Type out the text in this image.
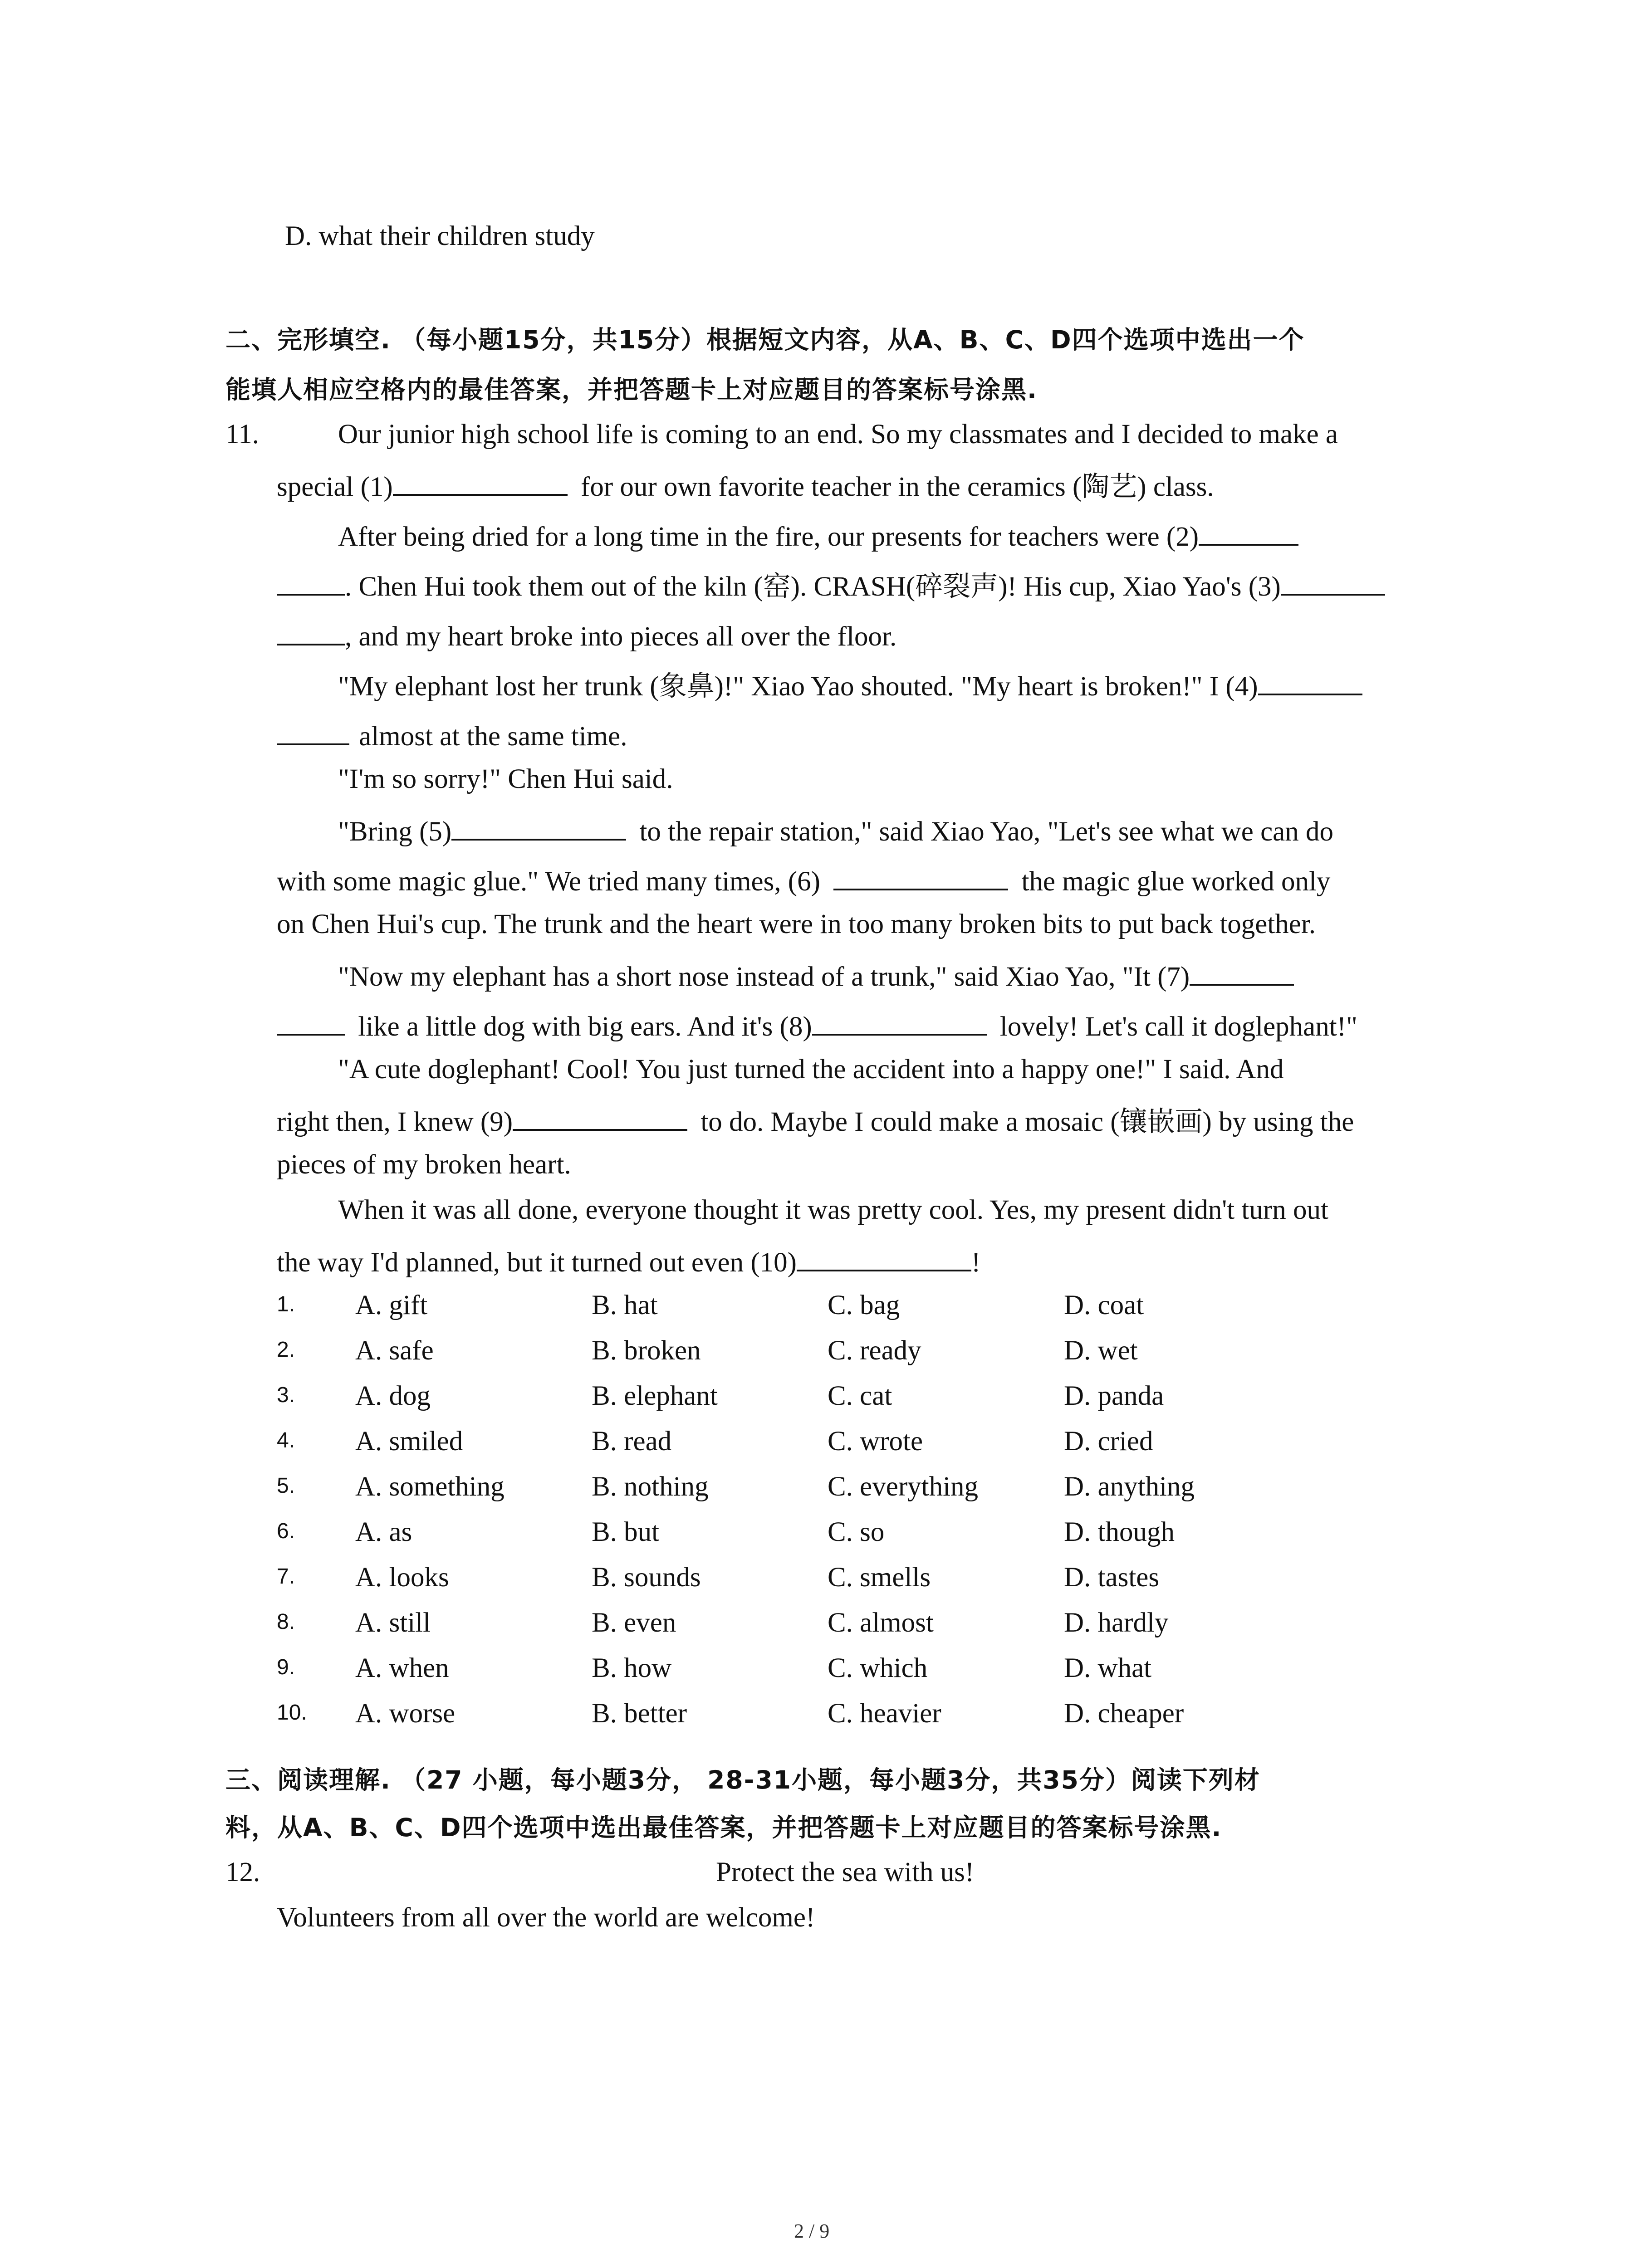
D. what their children study
二、完形填空. （每小题15分，共15分）根据短文内容，从A、B、C、D四个选项中选出一个
能填人相应空格内的最佳答案，并把答题卡上对应题目的答案标号涂黑.
11.	Our junior high school life is coming to an end. So my classmates and I decided to make a
special (1)	for our own favorite teacher in the ceramics (陶艺) class.
After being dried for a long time in the fire, our presents for teachers were (2)
. Chen Hui took them out of the kiln (窑). CRASH(碎裂声)! His cup, Xiao Yao's (3)
, and my heart broke into pieces all over the floor.
"My elephant lost her trunk (象鼻)!" Xiao Yao shouted. "My heart is broken!" I (4)
almost at the same time.
"I'm so sorry!" Chen Hui said.
"Bring (5)	to the repair station," said Xiao Yao, "Let's see what we can do
with some magic glue." We tried many times, (6)	the magic glue worked only
on Chen Hui's cup. The trunk and the heart were in too many broken bits to put back together.
"Now my elephant has a short nose instead of a trunk," said Xiao Yao, "It (7)
like a little dog with big ears. And it's (8)	lovely! Let's call it doglephant!"
"A cute doglephant! Cool! You just turned the accident into a happy one!" I said. And
right then, I knew (9)	to do. Maybe I could make a mosaic (镶嵌画) by using the
pieces of my broken heart.
When it was all done, everyone thought it was pretty cool. Yes, my present didn't turn out
the way I'd planned, but it turned out even (10)	!
1. A. gift	B. hat	C. bag	D. coat
2. A. safe	B. broken	C. ready	D. wet
3. A. dog	B. elephant	C. cat	D. panda
4. A. smiled	B. read	C. wrote	D. cried
5. A. something	B. nothing	C. everything	D. anything
6. A. as	B. but	C. so	D. though
7. A. looks	B. sounds	C. smells	D. tastes
8. A. still	B. even	C. almost	D. hardly
9. A. when	B. how	C. which	D. what
10. A. worse	B. better	C. heavier	D. cheaper
三、阅读理解. （27 小题，每小题3分， 28-31小题，每小题3分，共35分）阅读下列材
料，从A、B、C、D四个选项中选出最佳答案，并把答题卡上对应题目的答案标号涂黑.
12.	Protect the sea with us!
Volunteers from all over the world are welcome!
2 / 9
